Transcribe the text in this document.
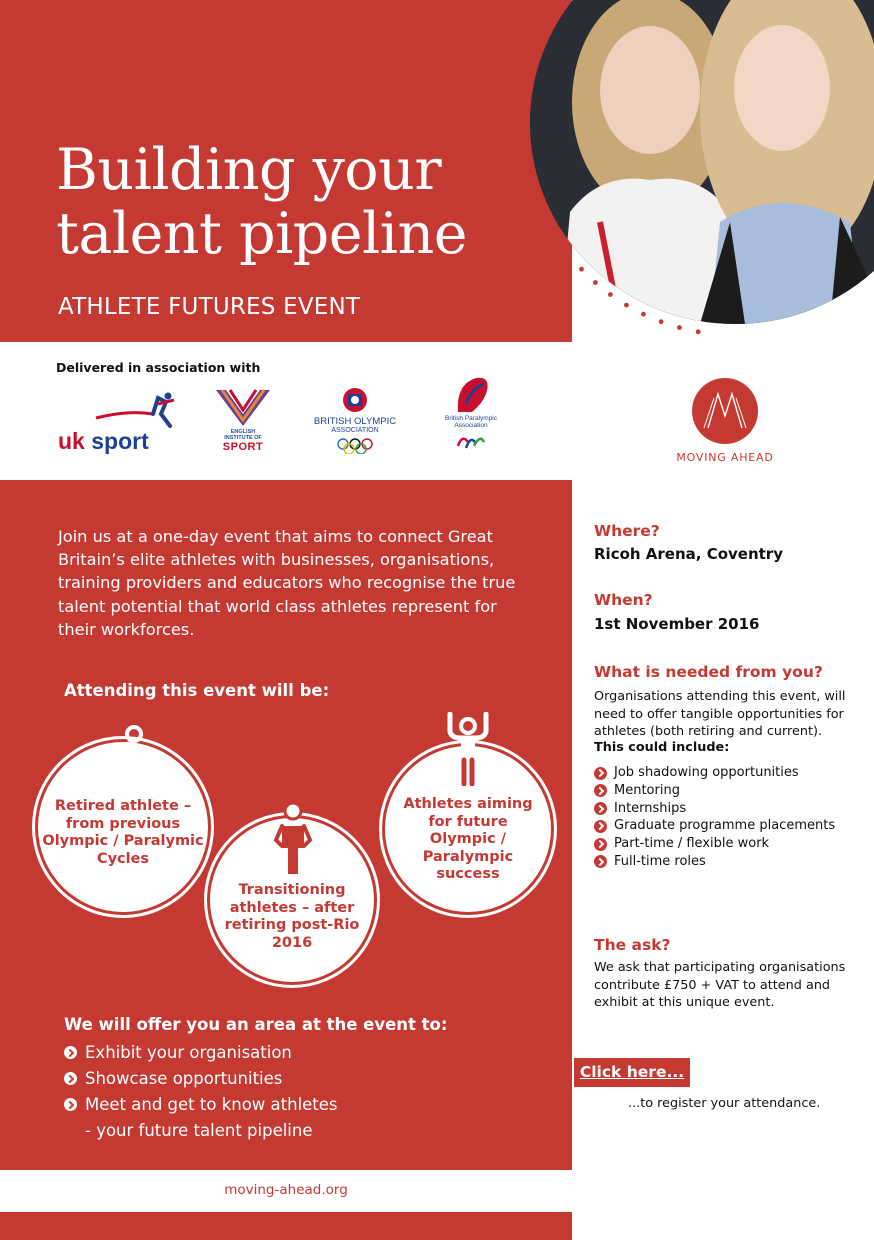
Building your
talent pipeline
ATHLETE FUTURES EVENT
Delivered in association with
uk sport	ENGLISH
INSTITUTE OF
SPORT
BRITISH OLYMPIC
ASSOCIATION
British Paralympic
Association
MOVING AHEAD

Join us at a one-day event that aims to connect Great Britain’s elite athletes with businesses, organisations, training providers and educators who recognise the true talent potential that world class athletes represent for their workforces.

Attending this event will be:
Retired athlete – from previous Olympic / Paralymic Cycles
Transitioning athletes – after retiring post-Rio 2016
Athletes aiming for future Olympic / Paralympic success
We will offer you an area at the event to:
Exhibit your organisation
Showcase opportunities
Meet and get to know athletes
- your future talent pipeline
moving-ahead.org
Where?
Ricoh Arena, Coventry
When?
1st November 2016
What is needed from you?
Organisations attending this event, will need to offer tangible opportunities for athletes (both retiring and current).
This could include:
Job shadowing opportunities
Mentoring
Internships
Graduate programme placements
Part-time / flexible work
Full-time roles
The ask?
We ask that participating organisations contribute £750 + VAT to attend and exhibit at this unique event.
Click here...
...to register your attendance.
